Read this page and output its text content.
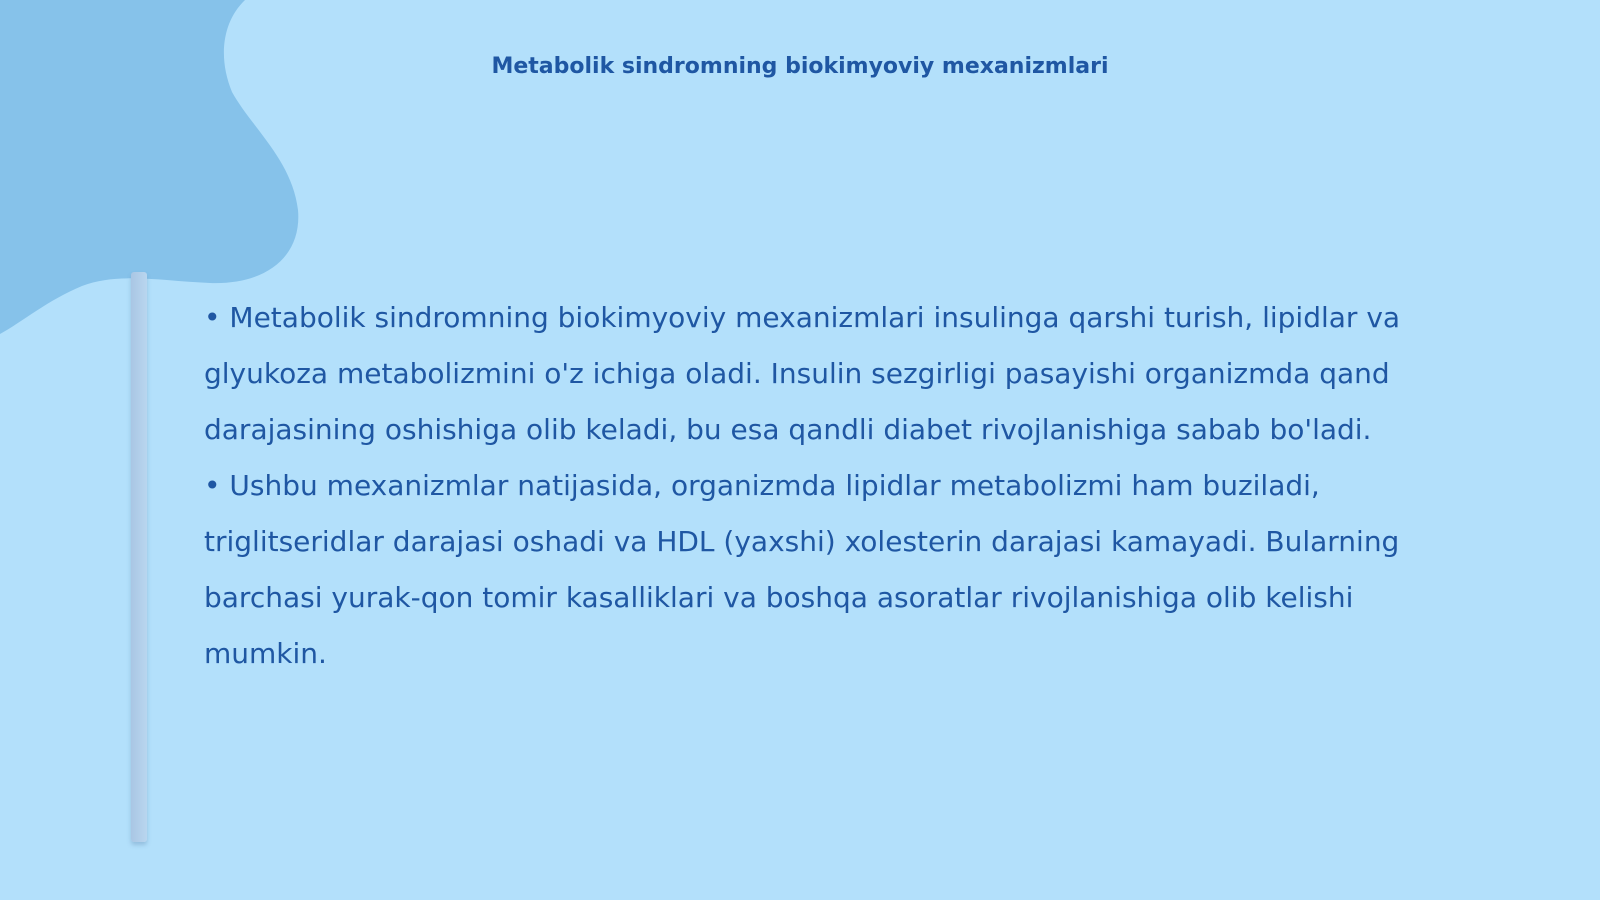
Metabolik sindromning biokimyoviy mexanizmlari

• Metabolik sindromning biokimyoviy mexanizmlari insulinga qarshi turish, lipidlar va glyukoza metabolizmini o'z ichiga oladi. Insulin sezgirligi pasayishi organizmda qand darajasining oshishiga olib keladi, bu esa qandli diabet rivojlanishiga sabab bo'ladi.

• Ushbu mexanizmlar natijasida, organizmda lipidlar metabolizmi ham buziladi, triglitseridlar darajasi oshadi va HDL (yaxshi) xolesterin darajasi kamayadi. Bularning barchasi yurak-qon tomir kasalliklari va boshqa asoratlar rivojlanishiga olib kelishi mumkin.
